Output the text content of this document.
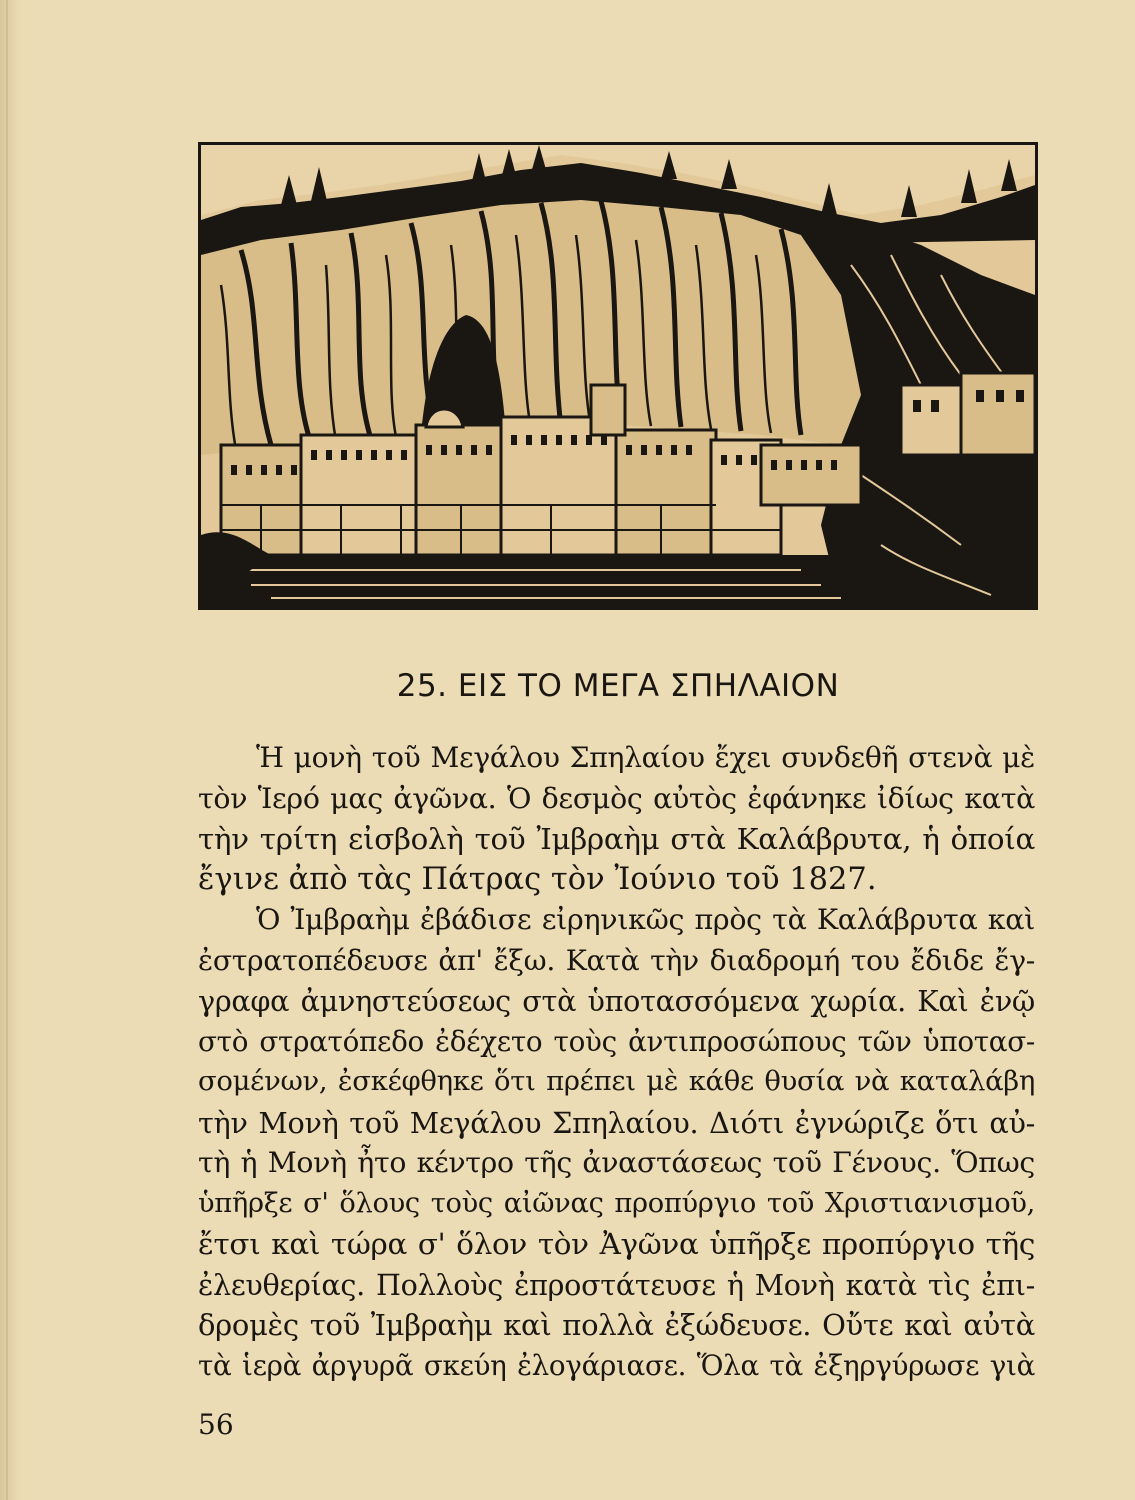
25. ΕΙΣ ΤΟ ΜΕΓΑ ΣΠΗΛΑΙΟΝ
Ἡ μονὴ τοῦ Μεγάλου Σπηλαίου ἔχει συνδεθῆ στενὰ μὲ
τὸν Ἱερό μας ἀγῶνα. Ὁ δεσμὸς αὐτὸς ἐφάνηκε ἰδίως κατὰ
τὴν τρίτη εἰσβολὴ τοῦ Ἰμβραὴμ στὰ Καλάβρυτα, ἡ ὁποία
ἔγινε ἀπὸ τὰς Πάτρας τὸν Ἰούνιο τοῦ 1827.
Ὁ Ἰμβραὴμ ἐβάδισε εἰρηνικῶς πρὸς τὰ Καλάβρυτα καὶ
ἐστρατοπέδευσε ἀπ' ἔξω. Κατὰ τὴν διαδρομή του ἔδιδε ἔγ-
γραφα ἀμνηστεύσεως στὰ ὑποτασσόμενα χωρία. Καὶ ἐνῷ
στὸ στρατόπεδο ἐδέχετο τοὺς ἀντιπροσώπους τῶν ὑποτασ-
σομένων, ἐσκέφθηκε ὅτι πρέπει μὲ κάθε θυσία νὰ καταλάβη
τὴν Μονὴ τοῦ Μεγάλου Σπηλαίου. Διότι ἐγνώριζε ὅτι αὐ-
τὴ ἡ Μονὴ ἦτο κέντρο τῆς ἀναστάσεως τοῦ Γένους. Ὅπως
ὑπῆρξε σ' ὅλους τοὺς αἰῶνας προπύργιο τοῦ Χριστιανισμοῦ,
ἔτσι καὶ τώρα σ' ὅλον τὸν Ἀγῶνα ὑπῆρξε προπύργιο τῆς
ἐλευθερίας. Πολλοὺς ἐπροστάτευσε ἡ Μονὴ κατὰ τὶς ἐπι-
δρομὲς τοῦ Ἰμβραὴμ καὶ πολλὰ ἐξώδευσε. Οὔτε καὶ αὐτὰ
τὰ ἱερὰ ἀργυρᾶ σκεύη ἐλογάριασε. Ὅλα τὰ ἐξηργύρωσε γιὰ
56
